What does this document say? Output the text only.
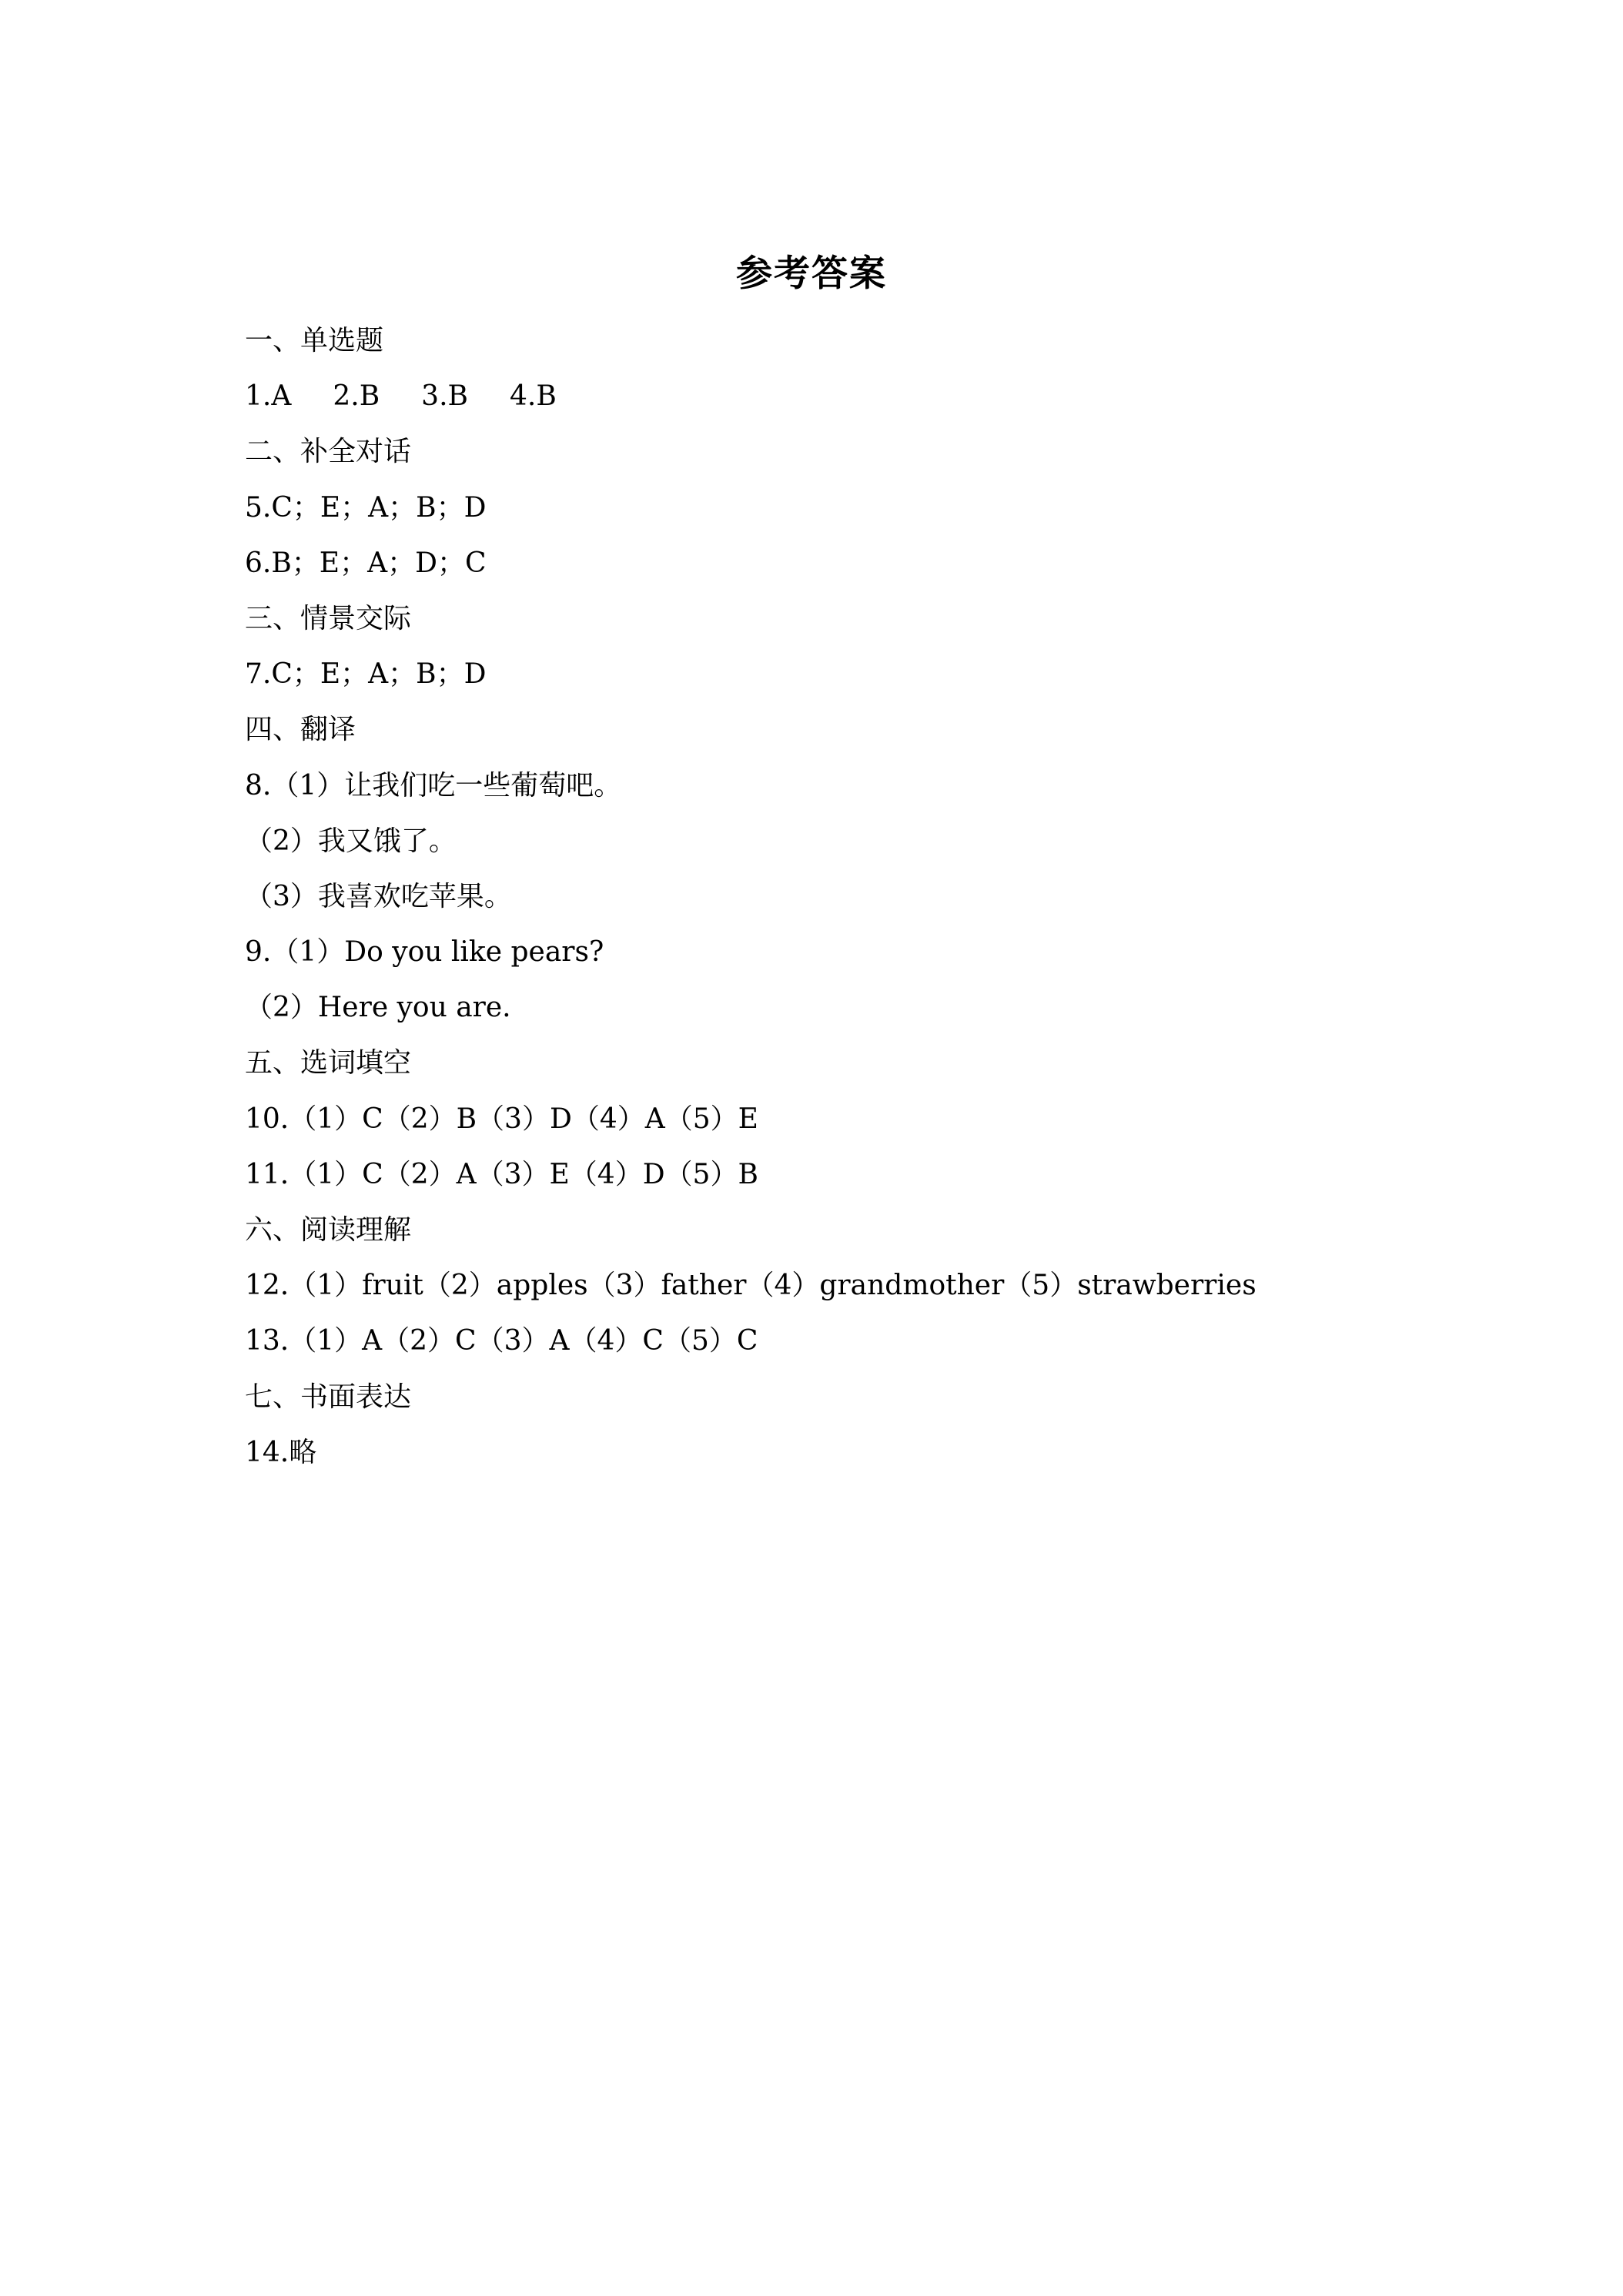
参考答案
一、单选题
1.A 2.B 3.B 4.B
二、补全对话
5.C；E；A；B；D
6.B；E；A；D；C
三、情景交际
7.C；E；A；B；D
四、翻译
8.（1）让我们吃一些葡萄吧。
（2）我又饿了。
（3）我喜欢吃苹果。
9.（1）Do you like pears?
（2）Here you are.
五、选词填空
10.（1）C（2）B（3）D（4）A（5）E
11.（1）C（2）A（3）E（4）D（5）B
六、阅读理解
12.（1）fruit（2）apples（3）father（4）grandmother（5）strawberries
13.（1）A（2）C（3）A（4）C（5）C
七、书面表达
14.略
